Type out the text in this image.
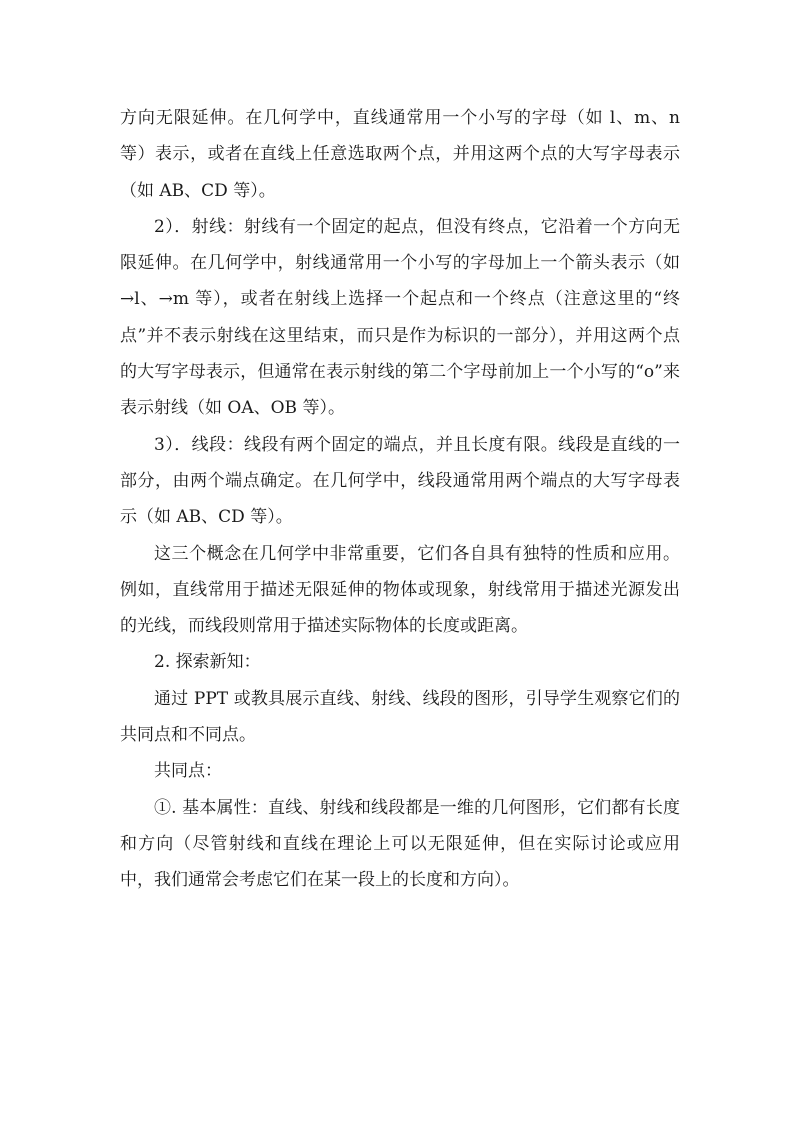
方向无限延伸。在几何学中，直线通常用一个小写的字母（如 l、m、n 等）表示，或者在直线上任意选取两个点，并用这两个点的大写字母表示（如 AB、CD 等）。

2）．射线：射线有一个固定的起点，但没有终点，它沿着一个方向无限延伸。在几何学中，射线通常用一个小写的字母加上一个箭头表示（如→l、→m 等），或者在射线上选择一个起点和一个终点（注意这里的“终点”并不表示射线在这里结束，而只是作为标识的一部分），并用这两个点的大写字母表示，但通常在表示射线的第二个字母前加上一个小写的“o”来表示射线（如 OA、OB 等）。

3）．线段：线段有两个固定的端点，并且长度有限。线段是直线的一部分，由两个端点确定。在几何学中，线段通常用两个端点的大写字母表示（如 AB、CD 等）。

这三个概念在几何学中非常重要，它们各自具有独特的性质和应用。例如，直线常用于描述无限延伸的物体或现象，射线常用于描述光源发出的光线，而线段则常用于描述实际物体的长度或距离。

2. 探索新知：

通过 PPT 或教具展示直线、射线、线段的图形，引导学生观察它们的共同点和不同点。

共同点：

①. 基本属性：直线、射线和线段都是一维的几何图形，它们都有长度和方向（尽管射线和直线在理论上可以无限延伸，但在实际讨论或应用中，我们通常会考虑它们在某一段上的长度和方向）。
